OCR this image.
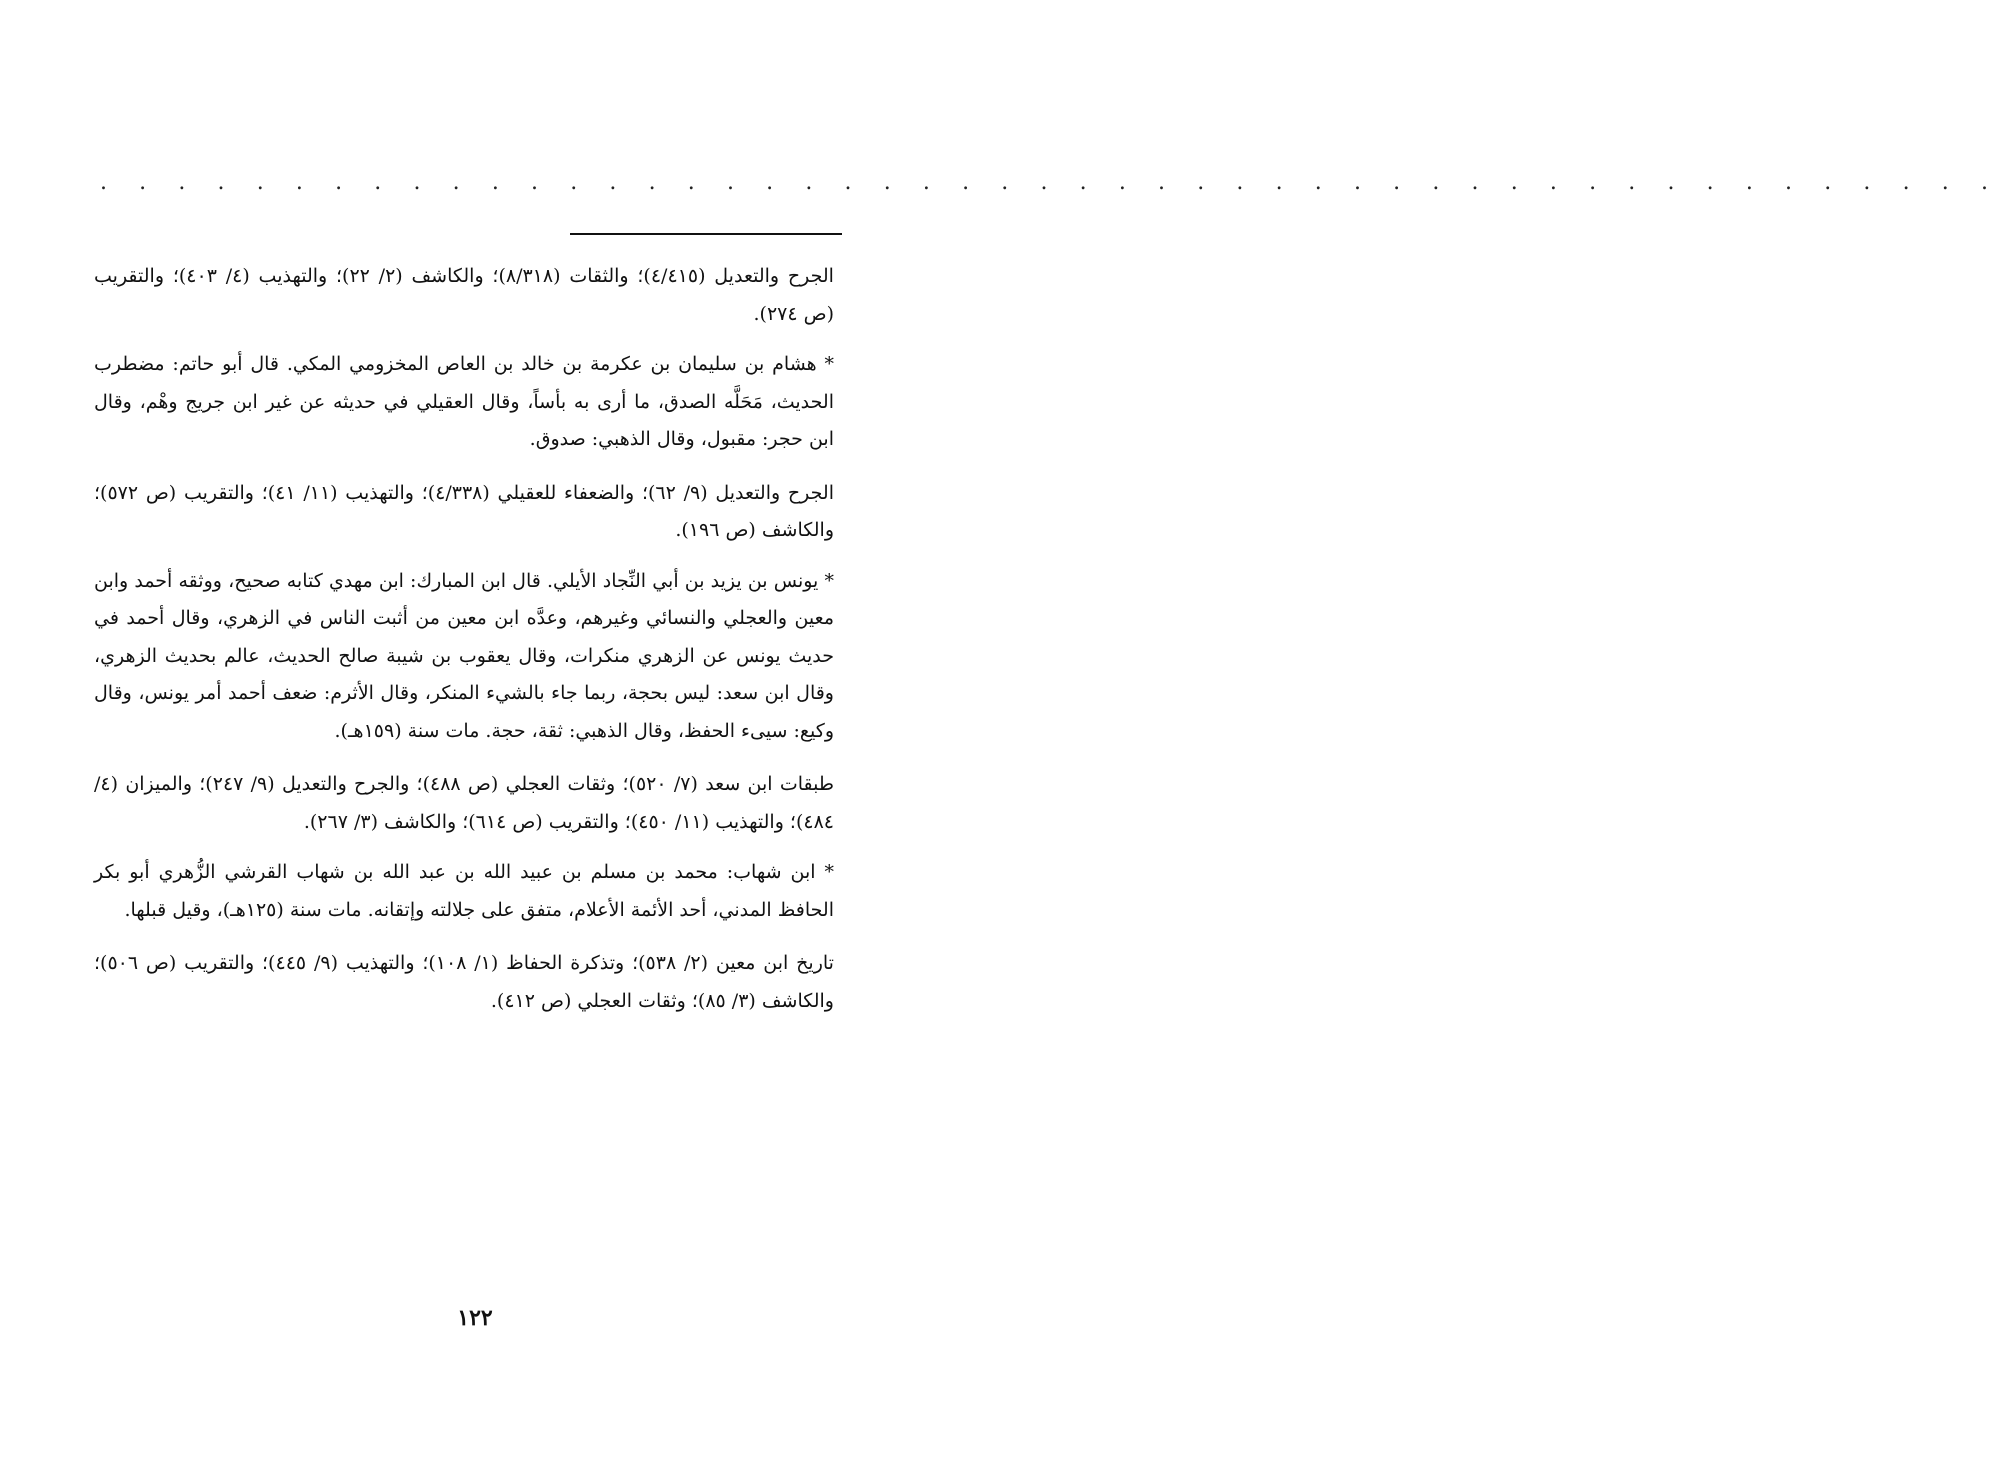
. . . . . . . . . . . . . . . . . . . . . . . . . . . . . . . . . . . . . . . . . . . . . . . . .

الجرح والتعديل (٤/٤١٥)؛ والثقات (٨/٣١٨)؛ والكاشف (٢/ ٢٢)؛ والتهذيب (٤/ ٤٠٣)؛ والتقريب (ص ٢٧٤).

* هشام بن سليمان بن عكرمة بن خالد بن العاص المخزومي المكي. قال أبو حاتم: مضطرب الحديث، مَحَلَّه الصدق، ما أرى به بأساً، وقال العقيلي في حديثه عن غير ابن جريج وهْم، وقال ابن حجر: مقبول، وقال الذهبي: صدوق.

الجرح والتعديل (٩/ ٦٢)؛ والضعفاء للعقيلي (٤/٣٣٨)؛ والتهذيب (١١/ ٤١)؛ والتقريب (ص ٥٧٢)؛ والكاشف (ص ١٩٦).

* يونس بن يزيد بن أبي النِّجاد الأيلي. قال ابن المبارك: ابن مهدي كتابه صحيح، ووثقه أحمد وابن معين والعجلي والنسائي وغيرهم، وعدَّه ابن معين من أثبت الناس في الزهري، وقال أحمد في حديث يونس عن الزهري منكرات، وقال يعقوب بن شيبة صالح الحديث، عالم بحديث الزهري، وقال ابن سعد: ليس بحجة، ربما جاء بالشيء المنكر، وقال الأثرم: ضعف أحمد أمر يونس، وقال وكيع: سيىء الحفظ، وقال الذهبي: ثقة، حجة. مات سنة (١٥٩هـ).

طبقات ابن سعد (٧/ ٥٢٠)؛ وثقات العجلي (ص ٤٨٨)؛ والجرح والتعديل (٩/ ٢٤٧)؛ والميزان (٤/ ٤٨٤)؛ والتهذيب (١١/ ٤٥٠)؛ والتقريب (ص ٦١٤)؛ والكاشف (٣/ ٢٦٧).

* ابن شهاب: محمد بن مسلم بن عبيد الله بن عبد الله بن شهاب القرشي الزُّهري أبو بكر الحافظ المدني، أحد الأئمة الأعلام، متفق على جلالته وإتقانه. مات سنة (١٢٥هـ)، وقيل قبلها.

تاريخ ابن معين (٢/ ٥٣٨)؛ وتذكرة الحفاظ (١/ ١٠٨)؛ والتهذيب (٩/ ٤٤٥)؛ والتقريب (ص ٥٠٦)؛ والكاشف (٣/ ٨٥)؛ وثقات العجلي (ص ٤١٢).

١٢٢
